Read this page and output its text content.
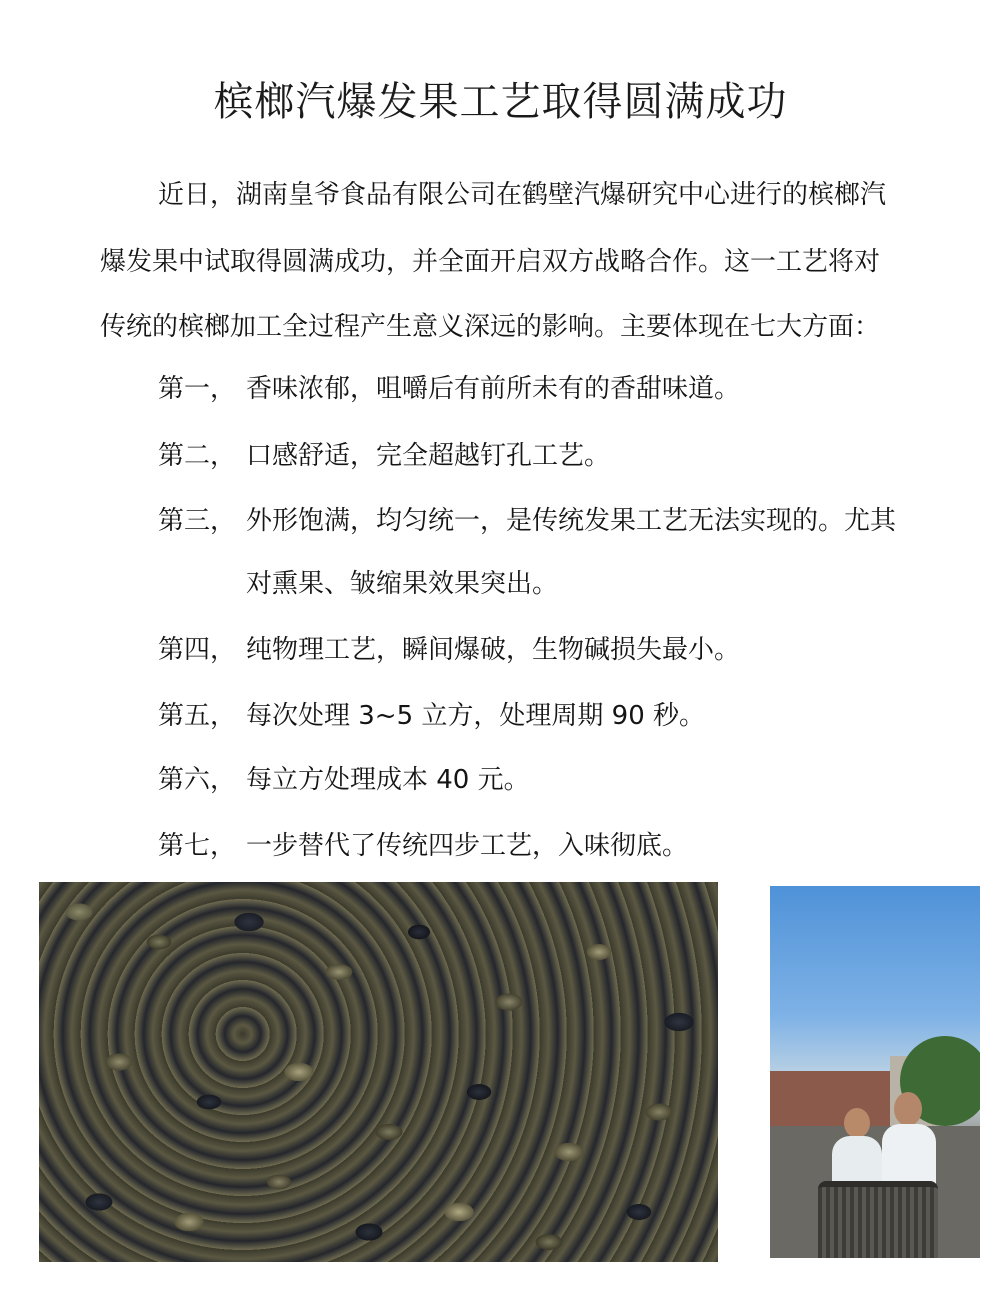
槟榔汽爆发果工艺取得圆满成功
近日，湖南皇爷食品有限公司在鹤壁汽爆研究中心进行的槟榔汽
爆发果中试取得圆满成功，并全面开启双方战略合作。这一工艺将对
传统的槟榔加工全过程产生意义深远的影响。主要体现在七大方面：
第一， 香味浓郁，咀嚼后有前所未有的香甜味道。
第二， 口感舒适，完全超越钉孔工艺。
第三， 外形饱满，均匀统一，是传统发果工艺无法实现的。尤其
对熏果、皱缩果效果突出。
第四， 纯物理工艺，瞬间爆破，生物碱损失最小。
第五， 每次处理 3~5 立方，处理周期 90 秒。
第六， 每立方处理成本 40 元。
第七， 一步替代了传统四步工艺，入味彻底。
